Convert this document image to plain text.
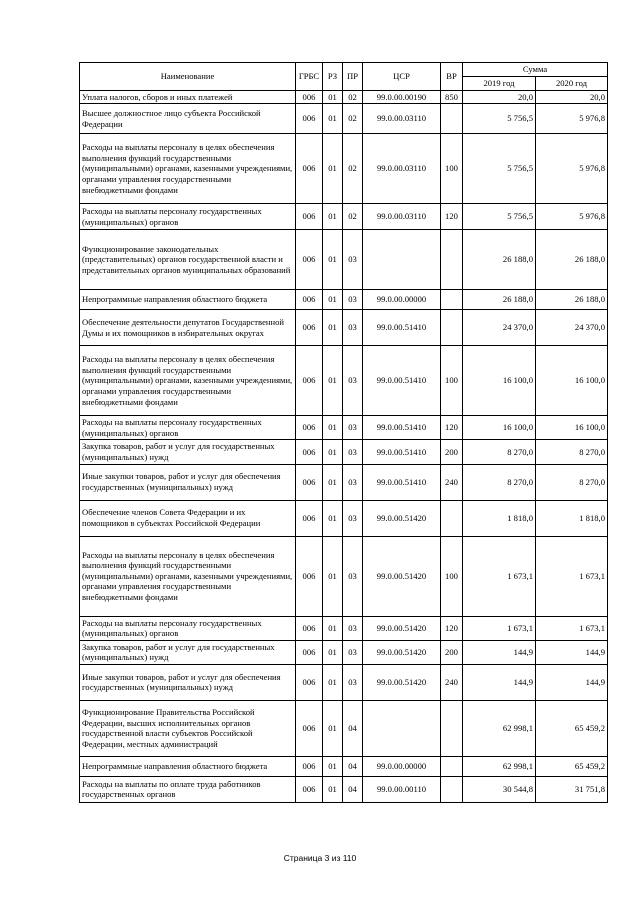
Наименование	ГРБС	РЗ	ПР	ЦСР	ВР	Сумма	
						2019 год	2020 год
Уплата налогов, сборов и иных платежей	006	01	02	99.0.00.00190	850	20,0	20,0
Высшее должностное лицо субъекта Российской Федерации	006	01	02	99.0.00.03110		5 756,5	5 976,8
Расходы на выплаты персоналу в целях обеспечения выполнения функций государственными (муниципальными) органами, казенными учреждениями, органами управления государственными внебюджетными фондами	006	01	02	99.0.00.03110	100	5 756,5	5 976,8
Расходы на выплаты персоналу государственных (муниципальных) органов	006	01	02	99.0.00.03110	120	5 756,5	5 976,8
Функционирование законодательных (представительных) органов государственной власти и представительных органов муниципальных образований	006	01	03			26 188,0	26 188,0
Непрограммные направления областного бюджета	006	01	03	99.0.00.00000		26 188,0	26 188,0
Обеспечение деятельности депутатов Государственной Думы и их помощников в избирательных округах	006	01	03	99.0.00.51410		24 370,0	24 370,0
Расходы на выплаты персоналу в целях обеспечения выполнения функций государственными (муниципальными) органами, казенными учреждениями, органами управления государственными внебюджетными фондами	006	01	03	99.0.00.51410	100	16 100,0	16 100,0
Расходы на выплаты персоналу государственных (муниципальных) органов	006	01	03	99.0.00.51410	120	16 100,0	16 100,0
Закупка товаров, работ и услуг для государственных (муниципальных) нужд	006	01	03	99.0.00.51410	200	8 270,0	8 270,0
Иные закупки товаров, работ и услуг для обеспечения государственных (муниципальных) нужд	006	01	03	99.0.00.51410	240	8 270,0	8 270,0
Обеспечение членов Совета Федерации и их помощников в субъектах Российской Федерации	006	01	03	99.0.00.51420		1 818,0	1 818,0
Расходы на выплаты персоналу в целях обеспечения выполнения функций государственными (муниципальными) органами, казенными учреждениями, органами управления государственными внебюджетными фондами	006	01	03	99.0.00.51420	100	1 673,1	1 673,1
Расходы на выплаты персоналу государственных (муниципальных) органов	006	01	03	99.0.00.51420	120	1 673,1	1 673,1
Закупка товаров, работ и услуг для государственных (муниципальных) нужд	006	01	03	99.0.00.51420	200	144,9	144,9
Иные закупки товаров, работ и услуг для обеспечения государственных (муниципальных) нужд	006	01	03	99.0.00.51420	240	144,9	144,9
Функционирование Правительства Российской Федерации, высших исполнительных органов государственной власти субъектов Российской Федерации, местных администраций	006	01	04			62 998,1	65 459,2
Непрограммные направления областного бюджета	006	01	04	99.0.00.00000		62 998,1	65 459,2
Расходы на выплаты по оплате труда работников государственных органов	006	01	04	99.0.00.00110		30 544,8	31 751,8
Страница 3 из 110
